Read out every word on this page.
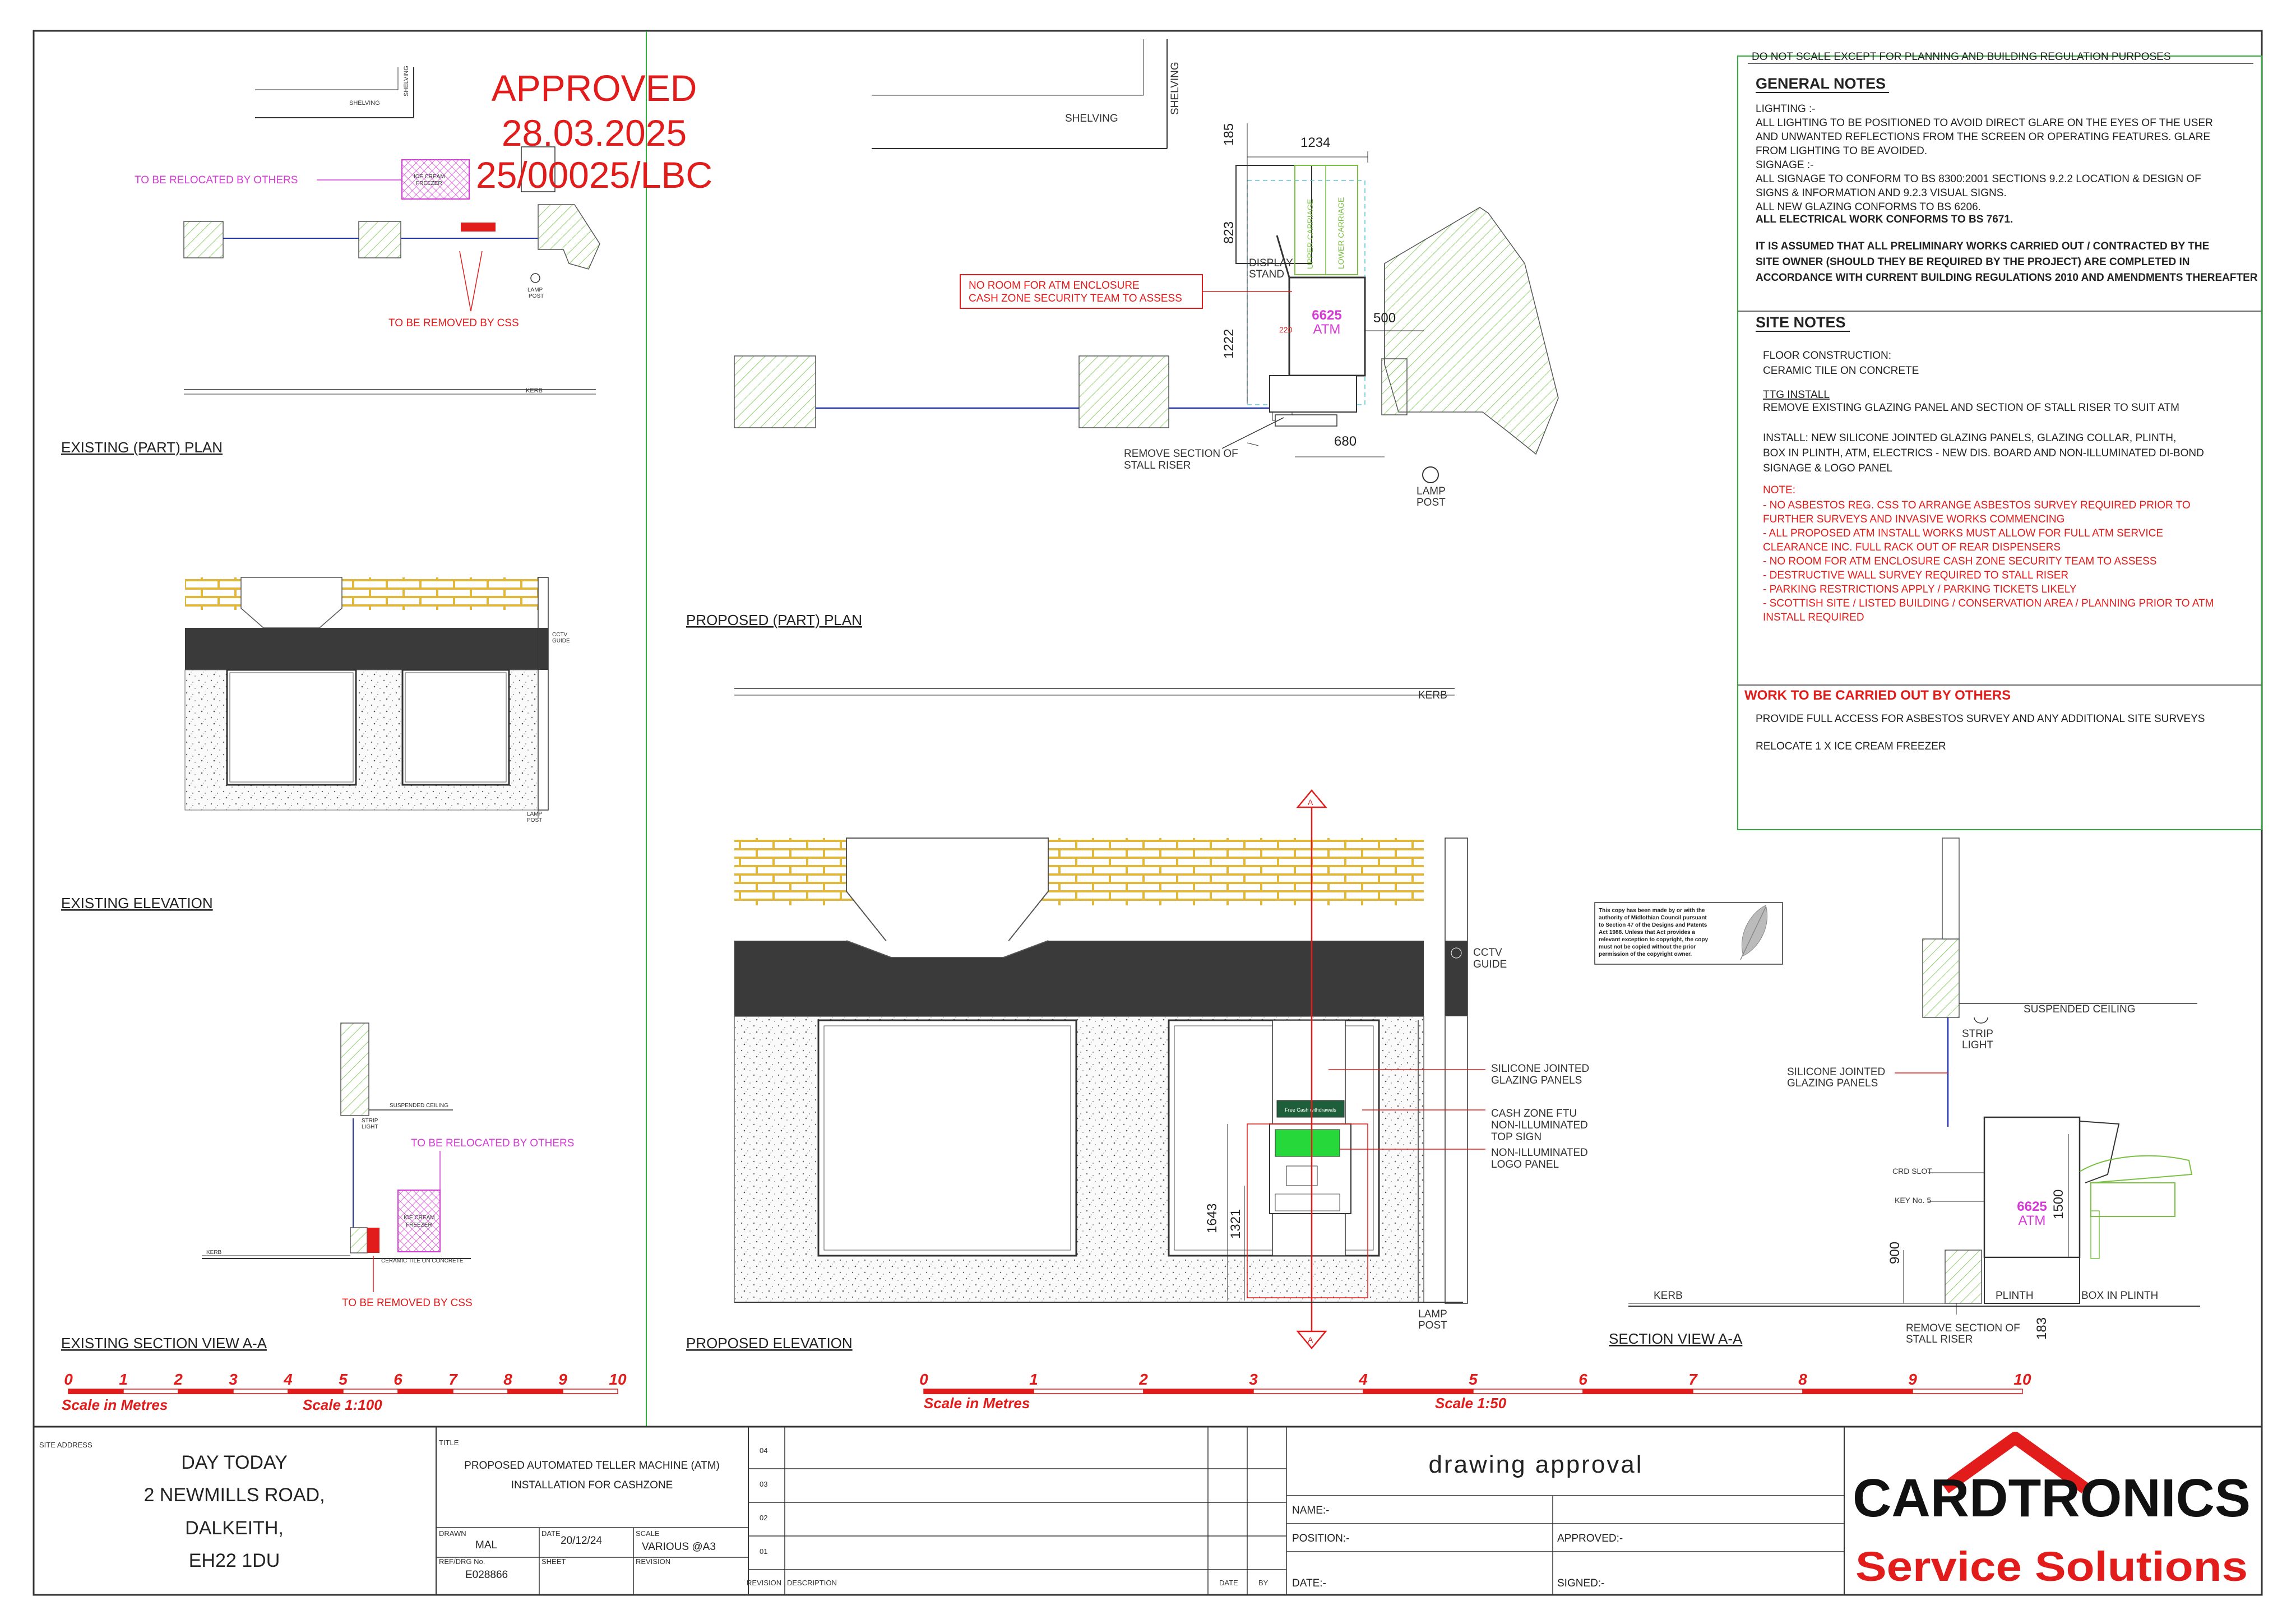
DO NOT SCALE EXCEPT FOR PLANNING AND BUILDING REGULATION PURPOSES
GENERAL NOTES
LIGHTING :-
ALL LIGHTING TO BE POSITIONED TO AVOID DIRECT GLARE ON THE EYES OF THE USER
AND UNWANTED REFLECTIONS FROM THE SCREEN OR OPERATING FEATURES. GLARE
FROM LIGHTING TO BE AVOIDED.
SIGNAGE :-
ALL SIGNAGE TO CONFORM TO BS 8300:2001 SECTIONS 9.2.2 LOCATION & DESIGN OF
SIGNS & INFORMATION AND 9.2.3 VISUAL SIGNS.
ALL NEW GLAZING CONFORMS TO BS 6206.
ALL ELECTRICAL WORK CONFORMS TO BS 7671.
IT IS ASSUMED THAT ALL PRELIMINARY WORKS CARRIED OUT / CONTRACTED BY THE
SITE OWNER (SHOULD THEY BE REQUIRED BY THE PROJECT) ARE COMPLETED IN
ACCORDANCE WITH CURRENT BUILDING REGULATIONS 2010 AND AMENDMENTS THEREAFTER
SITE NOTES
FLOOR CONSTRUCTION:
CERAMIC TILE ON CONCRETE
TTG INSTALL
REMOVE EXISTING GLAZING PANEL AND SECTION OF STALL RISER TO SUIT ATM
INSTALL: NEW SILICONE JOINTED GLAZING PANELS, GLAZING COLLAR, PLINTH,
BOX IN PLINTH, ATM, ELECTRICS - NEW DIS. BOARD AND NON-ILLUMINATED DI-BOND
SIGNAGE & LOGO PANEL
NOTE:
- NO ASBESTOS REG. CSS TO ARRANGE ASBESTOS SURVEY REQUIRED PRIOR TO
FURTHER SURVEYS AND INVASIVE WORKS COMMENCING
- ALL PROPOSED ATM INSTALL WORKS MUST ALLOW FOR FULL ATM SERVICE
CLEARANCE INC. FULL RACK OUT OF REAR DISPENSERS
- NO ROOM FOR ATM ENCLOSURE CASH ZONE SECURITY TEAM TO ASSESS
- DESTRUCTIVE WALL SURVEY REQUIRED TO STALL RISER
- PARKING RESTRICTIONS APPLY / PARKING TICKETS LIKELY
- SCOTTISH SITE / LISTED BUILDING / CONSERVATION AREA / PLANNING PRIOR TO ATM
INSTALL REQUIRED
WORK TO BE CARRIED OUT BY OTHERS
PROVIDE FULL ACCESS FOR ASBESTOS SURVEY AND ANY ADDITIONAL SITE SURVEYS
RELOCATE 1 X ICE CREAM FREEZER
This copy has been made by or with the
authority of Midlothian Council pursuant
to Section 47 of the Designs and Patents
Act 1988. Unless that Act provides a
relevant exception to copyright, the copy
must not be copied without the prior
permission of the copyright owner.
SHELVING
SHELVING
ICE CREAM
FREEZER
TO BE RELOCATED BY OTHERS
LAMP
POST
TO BE REMOVED BY CSS
KERB
EXISTING (PART) PLAN
APPROVED
28.03.2025
25/00025/LBC
CCTV
GUIDE
LAMP
POST
EXISTING ELEVATION
SUSPENDED CEILING
STRIP
LIGHT
TO BE RELOCATED BY OTHERS
ICE CREAM
FREEZER
KERB
CERAMIC TILE ON CONCRETE
TO BE REMOVED BY CSS
EXISTING SECTION VIEW A-A
SHELVING
SHELVING
DISPLAY
STAND
UPPER CARRIAGE	LOWER CARRIAGE
6625
ATM
220
1234
185
823
1222
500
680
NO ROOM FOR ATM ENCLOSURE
CASH ZONE SECURITY TEAM TO ASSESS
REMOVE SECTION OF
STALL RISER
LAMP
POST
PROPOSED (PART) PLAN
KERB
Free Cash withdrawals
CCTV
GUIDE
A
A
SILICONE JOINTED
GLAZING PANELS
CASH ZONE FTU
NON-ILLUMINATED
TOP SIGN
NON-ILLUMINATED
LOGO PANEL
1643 1321
LAMP
POST
PROPOSED ELEVATION
SUSPENDED CEILING
STRIP
LIGHT
SILICONE JOINTED
GLAZING PANELS
6625
ATM
1500
CRD SLOT
KEY No. 5
900
KERB	PLINTH	BOX IN PLINTH
183
REMOVE SECTION OF
STALL RISER
SECTION VIEW A-A
0	1	2	3	4	5	6	7	8	9	10
Scale in Metres	Scale 1:100
0	1	2	3	4	5	6	7	8	9	10
Scale in Metres	Scale 1:50
SITE ADDRESS
DAY TODAY
2 NEWMILLS ROAD,
DALKEITH,
EH22 1DU
TITLE
PROPOSED AUTOMATED TELLER MACHINE (ATM)
INSTALLATION FOR CASHZONE
DRAWN
MAL
DATE
20/12/24
SCALE
VARIOUS @A3
REF/DRG No.
E028866
SHEET	REVISION
04
03
02
01
REVISION DESCRIPTION	DATE	BY
drawing approval
NAME:-
POSITION:-	APPROVED:-
DATE:-	SIGNED:-
CARDTRONICS
Service Solutions
